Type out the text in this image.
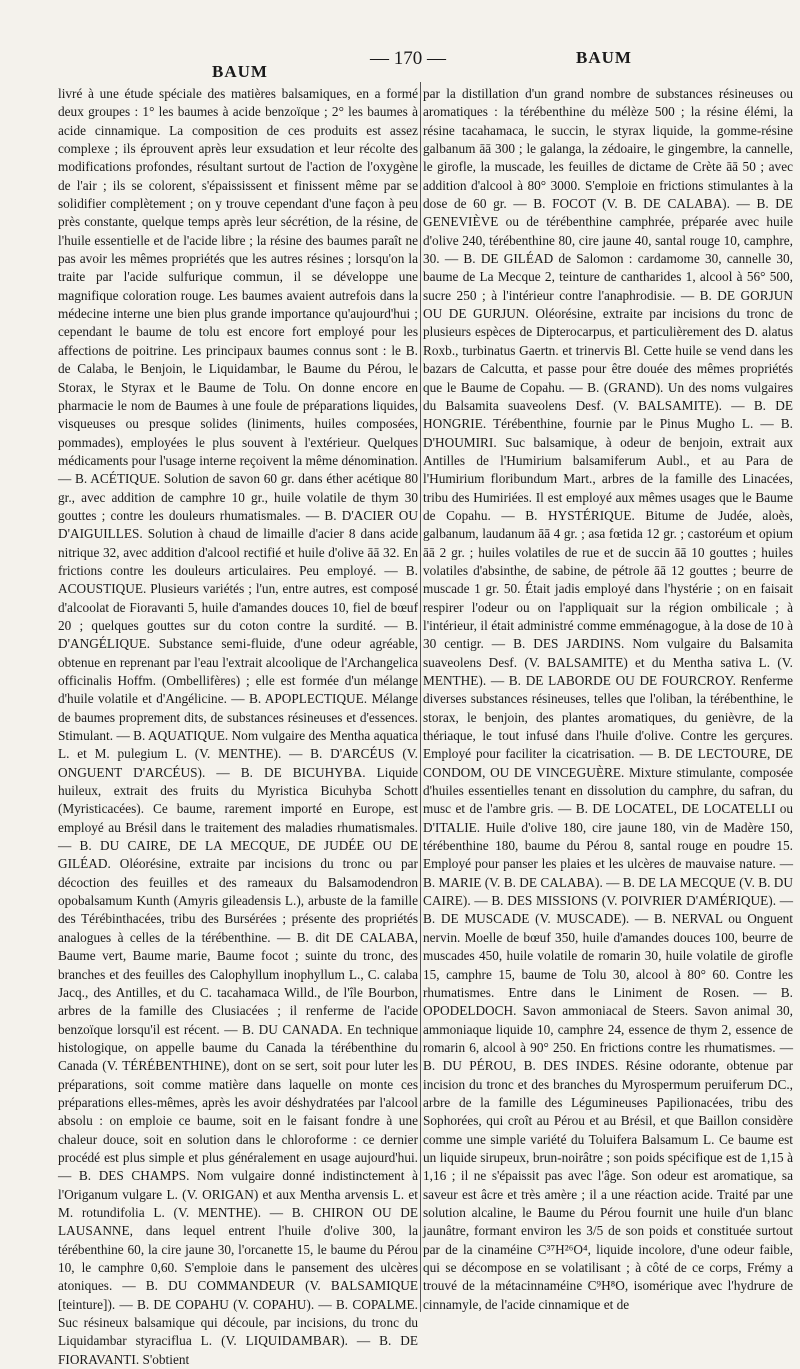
BAUM
— 170 —	BAUM

livré à une étude spéciale des matières balsamiques, en a formé deux groupes : 1° les baumes à acide benzoïque ; 2° les baumes à acide cinnamique. La composition de ces produits est assez complexe ; ils éprouvent après leur exsudation et leur récolte des modifications profondes, résultant surtout de l'action de l'oxygène de l'air ; ils se colorent, s'épaississent et finissent même par se solidifier complètement ; on y trouve cependant d'une façon à peu près constante, quelque temps après leur sécrétion, de la résine, de l'huile essentielle et de l'acide libre ; la résine des baumes paraît ne pas avoir les mêmes propriétés que les autres résines ; lorsqu'on la traite par l'acide sulfurique commun, il se développe une magnifique coloration rouge. Les baumes avaient autrefois dans la médecine interne une bien plus grande importance qu'aujourd'hui ; cependant le baume de tolu est encore fort employé pour les affections de poitrine. Les principaux baumes connus sont : le B. de Calaba, le Benjoin, le Liquidambar, le Baume du Pérou, le Storax, le Styrax et le Baume de Tolu. On donne encore en pharmacie le nom de Baumes à une foule de préparations liquides, visqueuses ou presque solides (liniments, huiles composées, pommades), employées le plus souvent à l'extérieur. Quelques médicaments pour l'usage interne reçoivent la même dénomination. — B. ACÉTIQUE. Solution de savon 60 gr. dans éther acétique 80 gr., avec addition de camphre 10 gr., huile volatile de thym 30 gouttes ; contre les douleurs rhumatismales. — B. D'ACIER OU D'AIGUILLES. Solution à chaud de limaille d'acier 8 dans acide nitrique 32, avec addition d'alcool rectifié et huile d'olive āā 32. En frictions contre les douleurs articulaires. Peu employé. — B. ACOUSTIQUE. Plusieurs variétés ; l'un, entre autres, est composé d'alcoolat de Fioravanti 5, huile d'amandes douces 10, fiel de bœuf 20 ; quelques gouttes sur du coton contre la surdité. — B. D'ANGÉLIQUE. Substance semi-fluide, d'une odeur agréable, obtenue en reprenant par l'eau l'extrait alcoolique de l'Archangelica officinalis Hoffm. (Ombellifères) ; elle est formée d'un mélange d'huile volatile et d'Angélicine. — B. APOPLECTIQUE. Mélange de baumes proprement dits, de substances résineuses et d'essences. Stimulant. — B. AQUATIQUE. Nom vulgaire des Mentha aquatica L. et M. pulegium L. (V. MENTHE). — B. D'ARCÉUS (V. ONGUENT D'ARCÉUS). — B. DE BICUHYBA. Liquide huileux, extrait des fruits du Myristica Bicuhyba Schott (Myristicacées). Ce baume, rarement importé en Europe, est employé au Brésil dans le traitement des maladies rhumatismales. — B. DU CAIRE, DE LA MECQUE, DE JUDÉE OU DE GILÉAD. Oléorésine, extraite par incisions du tronc ou par décoction des feuilles et des rameaux du Balsamodendron opobalsamum Kunth (Amyris gileadensis L.), arbuste de la famille des Térébinthacées, tribu des Bursérées ; présente des propriétés analogues à celles de la térébenthine. — B. dit DE CALABA, Baume vert, Baume marie, Baume focot ; suinte du tronc, des branches et des feuilles des Calophyllum inophyllum L., C. calaba Jacq., des Antilles, et du C. tacahamaca Willd., de l'île Bourbon, arbres de la famille des Clusiacées ; il renferme de l'acide benzoïque lorsqu'il est récent. — B. DU CANADA. En technique histologique, on appelle baume du Canada la térébenthine du Canada (V. TÉRÉBENTHINE), dont on se sert, soit pour luter les préparations, soit comme matière dans laquelle on monte ces préparations elles-mêmes, après les avoir déshydratées par l'alcool absolu : on emploie ce baume, soit en le faisant fondre à une chaleur douce, soit en solution dans le chloroforme : ce dernier procédé est plus simple et plus généralement en usage aujourd'hui. — B. DES CHAMPS. Nom vulgaire donné indistinctement à l'Origanum vulgare L. (V. ORIGAN) et aux Mentha arvensis L. et M. rotundifolia L. (V. MENTHE). — B. CHIRON OU DE LAUSANNE, dans lequel entrent l'huile d'olive 300, la térébenthine 60, la cire jaune 30, l'orcanette 15, le baume du Pérou 10, le camphre 0,60. S'emploie dans le pansement des ulcères atoniques. — B. DU COMMANDEUR (V. BALSAMIQUE [teinture]). — B. DE COPAHU (V. COPAHU). — B. COPALME. Suc résineux balsamique qui découle, par incisions, du tronc du Liquidambar styraciflua L. (V. LIQUIDAMBAR). — B. DE FIORAVANTI. S'obtient

par la distillation d'un grand nombre de substances résineuses ou aromatiques : la térébenthine du mélèze 500 ; la résine élémi, la résine tacahamaca, le succin, le styrax liquide, la gomme-résine galbanum āā 300 ; le galanga, la zédoaire, le gingembre, la cannelle, le girofle, la muscade, les feuilles de dictame de Crète āā 50 ; avec addition d'alcool à 80° 3000. S'emploie en frictions stimulantes à la dose de 60 gr. — B. FOCOT (V. B. DE CALABA). — B. DE GENEVIÈVE ou de térébenthine camphrée, préparée avec huile d'olive 240, térébenthine 80, cire jaune 40, santal rouge 10, camphre, 30. — B. DE GILÉAD de Salomon : cardamome 30, cannelle 30, baume de La Mecque 2, teinture de cantharides 1, alcool à 56° 500, sucre 250 ; à l'intérieur contre l'anaphrodisie. — B. DE GORJUN OU DE GURJUN. Oléorésine, extraite par incisions du tronc de plusieurs espèces de Dipterocarpus, et particulièrement des D. alatus Roxb., turbinatus Gaertn. et trinervis Bl. Cette huile se vend dans les bazars de Calcutta, et passe pour être douée des mêmes propriétés que le Baume de Copahu. — B. (GRAND). Un des noms vulgaires du Balsamita suaveolens Desf. (V. BALSAMITE). — B. DE HONGRIE. Térébenthine, fournie par le Pinus Mugho L. — B. D'HOUMIRI. Suc balsamique, à odeur de benjoin, extrait aux Antilles de l'Humirium balsamiferum Aubl., et au Para de l'Humirium floribundum Mart., arbres de la famille des Linacées, tribu des Humiriées. Il est employé aux mêmes usages que le Baume de Copahu. — B. HYSTÉRIQUE. Bitume de Judée, aloès, galbanum, laudanum āā 4 gr. ; asa fœtida 12 gr. ; castoréum et opium āā 2 gr. ; huiles volatiles de rue et de succin āā 10 gouttes ; huiles volatiles d'absinthe, de sabine, de pétrole āā 12 gouttes ; beurre de muscade 1 gr. 50. Était jadis employé dans l'hystérie ; on en faisait respirer l'odeur ou on l'appliquait sur la région ombilicale ; à l'intérieur, il était administré comme emménagogue, à la dose de 10 à 30 centigr. — B. DES JARDINS. Nom vulgaire du Balsamita suaveolens Desf. (V. BALSAMITE) et du Mentha sativa L. (V. MENTHE). — B. DE LABORDE OU DE FOURCROY. Renferme diverses substances résineuses, telles que l'oliban, la térébenthine, le storax, le benjoin, des plantes aromatiques, du genièvre, de la thériaque, le tout infusé dans l'huile d'olive. Contre les gerçures. Employé pour faciliter la cicatrisation. — B. DE LECTOURE, DE CONDOM, OU DE VINCEGUÈRE. Mixture stimulante, composée d'huiles essentielles tenant en dissolution du camphre, du safran, du musc et de l'ambre gris. — B. DE LOCATEL, DE LOCATELLI ou D'ITALIE. Huile d'olive 180, cire jaune 180, vin de Madère 150, térébenthine 180, baume du Pérou 8, santal rouge en poudre 15. Employé pour panser les plaies et les ulcères de mauvaise nature. — B. MARIE (V. B. DE CALABA). — B. DE LA MECQUE (V. B. DU CAIRE). — B. DES MISSIONS (V. POIVRIER D'AMÉRIQUE). — B. DE MUSCADE (V. MUSCADE). — B. NERVAL ou Onguent nervin. Moelle de bœuf 350, huile d'amandes douces 100, beurre de muscades 450, huile volatile de romarin 30, huile volatile de girofle 15, camphre 15, baume de Tolu 30, alcool à 80° 60. Contre les rhumatismes. Entre dans le Liniment de Rosen. — B. OPODELDOCH. Savon ammoniacal de Steers. Savon animal 30, ammoniaque liquide 10, camphre 24, essence de thym 2, essence de romarin 6, alcool à 90° 250. En frictions contre les rhumatismes. — B. DU PÉROU, B. DES INDES. Résine odorante, obtenue par incision du tronc et des branches du Myrospermum peruiferum DC., arbre de la famille des Légumineuses Papilionacées, tribu des Sophorées, qui croît au Pérou et au Brésil, et que Baillon considère comme une simple variété du Toluifera Balsamum L. Ce baume est un liquide sirupeux, brun-noirâtre ; son poids spécifique est de 1,15 à 1,16 ; il ne s'épaissit pas avec l'âge. Son odeur est aromatique, sa saveur est âcre et très amère ; il a une réaction acide. Traité par une solution alcaline, le Baume du Pérou fournit une huile d'un blanc jaunâtre, formant environ les 3/5 de son poids et constituée surtout par de la cinaméine C³⁷H²⁶O⁴, liquide incolore, d'une odeur faible, qui se décompose en se volatilisant ; à côté de ce corps, Frémy a trouvé de la métacinnaméine C⁹H⁸O, isomérique avec l'hydrure de cinnamyle, de l'acide cinnamique et de
